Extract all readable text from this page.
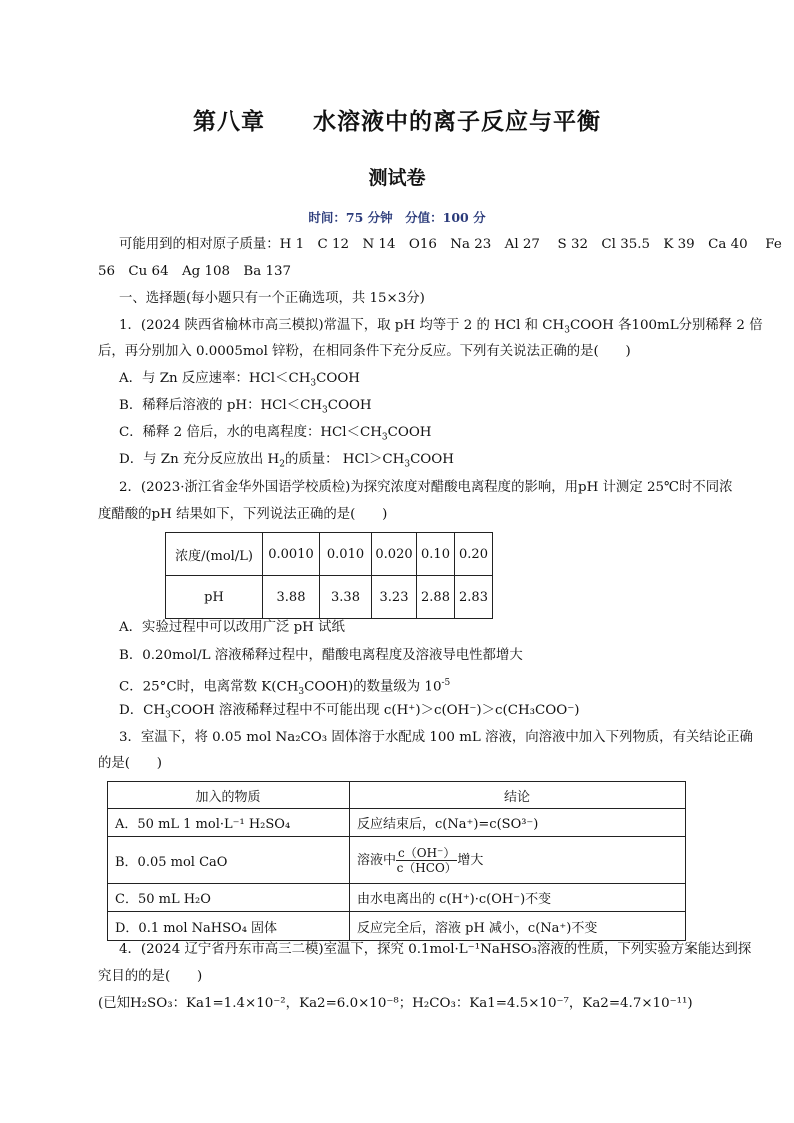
第八章　　水溶液中的离子反应与平衡
测试卷
时间：75 分钟　分值：100 分
可能用到的相对原子质量：H 1　C 12　N 14　O16　Na 23　Al 27　 S 32　Cl 35.5　K 39　Ca 40　 Fe
56　Cu 64　Ag 108　Ba 137
一、选择题(每小题只有一个正确选项，共 15×3分)
1．(2024 陕西省榆林市高三模拟)常温下，取 pH 均等于 2 的 HCl 和 $CH_3COOH$ 各100mL分别稀释 2 倍
后，再分别加入 0.0005mol 锌粉，在相同条件下充分反应。下列有关说法正确的是(　　)
A．与 Zn 反应速率：$HCl<CH_3COOH$
B．稀释后溶液的 pH：$HCl<CH_3COOH$
C．稀释 2 倍后，水的电离程度：$HCl<CH_3COOH$
D．与 Zn 充分反应放出 $H_2$的质量： $HCl>CH_3COOH$
2．(2023·浙江省金华外国语学校质检)为探究浓度对醋酸电离程度的影响，用pH 计测定 25℃时不同浓
度醋酸的pH 结果如下，下列说法正确的是(　　)
浓度/(mol/L)	0.0010	0.010	0.020	0.10	0.20
pH	3.88	3.38	3.23	2.88	2.83
A．实验过程中可以改用广泛 pH 试纸
B．0.20mol/L 溶液稀释过程中，醋酸电离程度及溶液导电性都增大
C．25°C时，电离常数 $K(CH_3COOH)$的数量级为 $10^{-5}$
D．$CH_3COOH$ 溶液稀释过程中不可能出现 c(H⁺)＞c(OH⁻)＞c(CH₃COO⁻)
3．室温下，将 0.05 mol Na₂CO₃ 固体溶于水配成 100 mL 溶液，向溶液中加入下列物质，有关结论正确
的是(　　)
加入的物质	结论
A．50 mL 1 mol·L⁻¹ H₂SO₄	反应结束后，c(Na⁺)=c(SO³⁻)
B．0.05 mol CaO	溶液中 $\frac{c(OH^-)}{\text{c（HCO）}}$ 增大
C．50 mL H₂O	由水电离出的 c(H⁺)·c(OH⁻)不变
D．0.1 mol NaHSO₄ 固体	反应完全后，溶液 pH 减小，c(Na⁺)不变
4．(2024 辽宁省丹东市高三二模)室温下，探究 0.1mol·L⁻¹NaHSO₃溶液的性质，下列实验方案能达到探
究目的的是(　　)
(已知H₂SO₃：Ka1=1.4×10⁻²，Ka2=6.0×10⁻⁸；H₂CO₃：Ka1=4.5×10⁻⁷，Ka2=4.7×10⁻¹¹)
